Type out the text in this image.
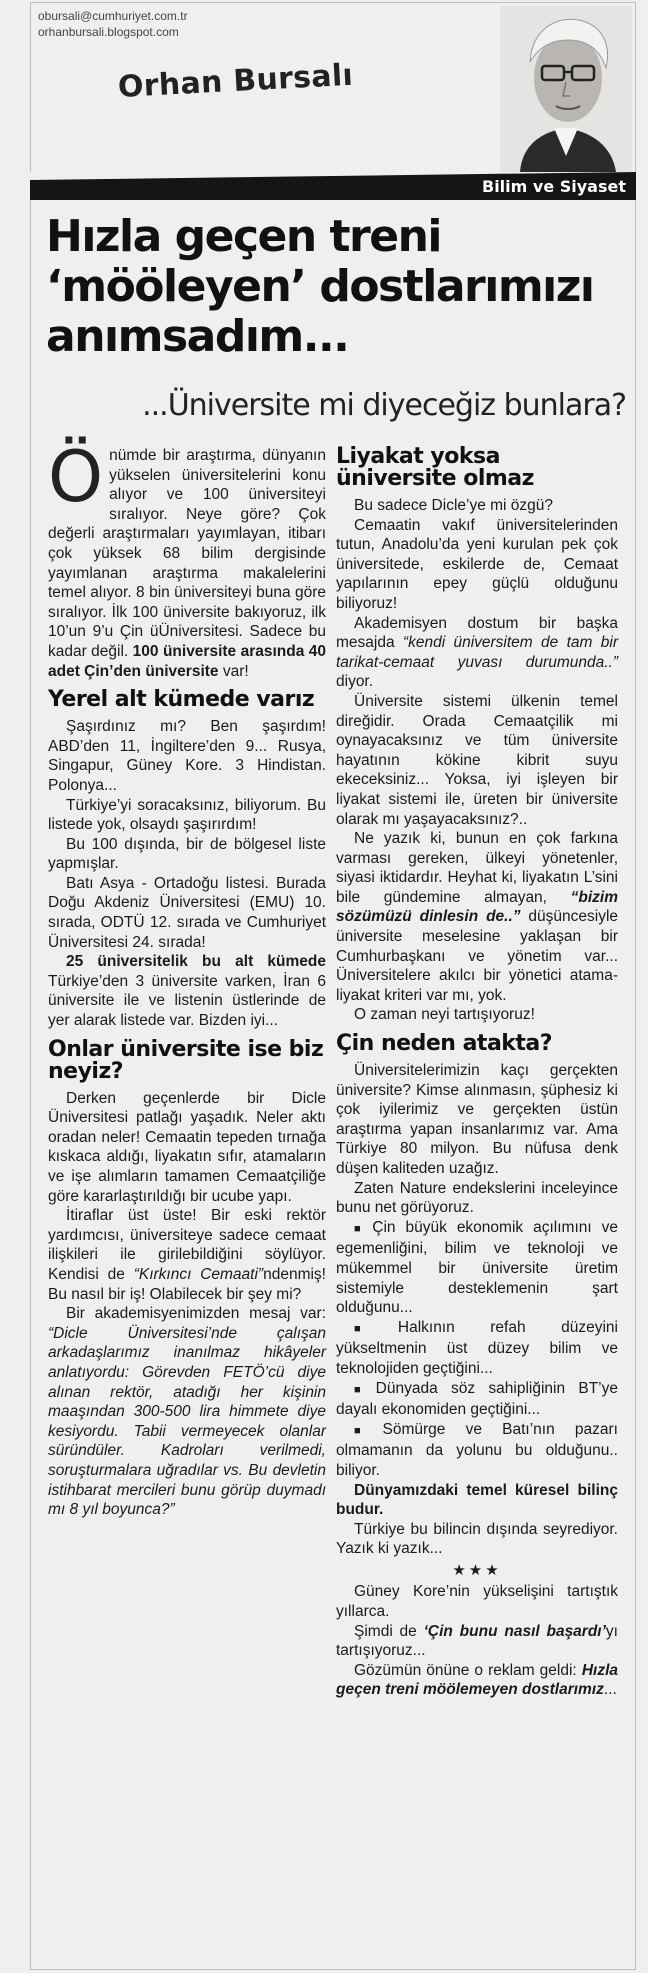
obursali@cumhuriyet.com.tr
orhanbursali.blogspot.com
Orhan Bursalı
Bilim ve Siyaset
Hızla geçen treni
‘mööleyen’ dostlarımızı
anımsadım...
...Üniversite mi diyeceğiz bunlara?

Önümde bir araştırma, dünyanın yükselen üniversitelerini konu alıyor ve 100 üniversiteyi sıralıyor. Neye göre? Çok değerli araştırmaları yayımlayan, itibarı çok yüksek 68 bilim dergisinde yayımlanan araştırma makalelerini temel alıyor. 8 bin üniversiteyi buna göre sıralıyor. İlk 100 üniversite bakıyoruz, ilk 10’un 9’u Çin üÜniversitesi. Sadece bu kadar değil. 100 üniversite arasında 40 adet Çin’den üniversite var!

Yerel alt kümede varız

Şaşırdınız mı? Ben şaşırdım! ABD’den 11, İngiltere’den 9... Rusya, Singapur, Güney Kore. 3 Hindistan. Polonya...

Türkiye’yi soracaksınız, biliyorum. Bu listede yok, olsaydı şaşırırdım!

Bu 100 dışında, bir de bölgesel liste yapmışlar.

Batı Asya - Ortadoğu listesi. Burada Doğu Akdeniz Üniversitesi (EMU) 10. sırada, ODTÜ 12. sırada ve Cumhuriyet Üniversitesi 24. sırada!

25 üniversitelik bu alt kümede Türkiye’den 3 üniversite varken, İran 6 üniversite ile ve listenin üstlerinde de yer alarak listede var. Bizden iyi...

Onlar üniversite ise biz neyiz?

Derken geçenlerde bir Dicle Üniversitesi patlağı yaşadık. Neler aktı oradan neler! Cemaatin tepeden tırnağa kıskaca aldığı, liyakatın sıfır, atamaların ve işe alımların tamamen Cemaatçiliğe göre kararlaştırıldığı bir ucube yapı.

İtiraflar üst üste! Bir eski rektör yardımcısı, üniversiteye sadece cemaat ilişkileri ile girilebildiğini söylüyor. Kendisi de “Kırkıncı Cemaati”ndenmiş! Bu nasıl bir iş! Olabilecek bir şey mi?

Bir akademisyenimizden mesaj var: “Dicle Üniversitesi’nde çalışan arkadaşlarımız inanılmaz hikâyeler anlatıyordu: Görevden FETÖ’cü diye alınan rektör, atadığı her kişinin maaşından 300-500 lira himmete diye kesiyordu. Tabii vermeyecek olanlar süründüler. Kadroları verilmedi, soruşturmalara uğradılar vs. Bu devletin istihbarat mercileri bunu görüp duymadı mı 8 yıl boyunca?”

Liyakat yoksa üniversite olmaz

Bu sadece Dicle’ye mi özgü?

Cemaatin vakıf üniversitelerinden tutun, Anadolu’da yeni kurulan pek çok üniversitede, eskilerde de, Cemaat yapılarının epey güçlü olduğunu biliyoruz!

Akademisyen dostum bir başka mesajda “kendi üniversitem de tam bir tarikat-cemaat yuvası durumunda..” diyor.

Üniversite sistemi ülkenin temel direğidir. Orada Cemaatçilik mi oynayacaksınız ve tüm üniversite hayatının kökine kibrit suyu ekeceksiniz... Yoksa, iyi işleyen bir liyakat sistemi ile, üreten bir üniversite olarak mı yaşayacaksınız?..

Ne yazık ki, bunun en çok farkına varması gereken, ülkeyi yönetenler, siyasi iktidardır. Heyhat ki, liyakatın L’sini bile gündemine almayan, “bizim sözümüzü dinlesin de..” düşüncesiyle üniversite meselesine yaklaşan bir Cumhurbaşkanı ve yönetim var... Üniversitelere akılcı bir yönetici atama-liyakat kriteri var mı, yok.

O zaman neyi tartışıyoruz!

Çin neden atakta?

Üniversitelerimizin kaçı gerçekten üniversite? Kimse alınmasın, şüphesiz ki çok iyilerimiz ve gerçekten üstün araştırma yapan insanlarımız var. Ama Türkiye 80 milyon. Bu nüfusa denk düşen kaliteden uzağız.

Zaten Nature endekslerini inceleyince bunu net görüyoruz.

■ Çin büyük ekonomik açılımını ve egemenliğini, bilim ve teknoloji ve mükemmel bir üniversite üretim sistemiyle desteklemenin şart olduğunu...

■ Halkının refah düzeyini yükseltmenin üst düzey bilim ve teknolojiden geçtiğini...

■ Dünyada söz sahipliğinin BT’ye dayalı ekonomiden geçtiğini...

■ Sömürge ve Batı’nın pazarı olmamanın da yolunu bu olduğunu.. biliyor.

Dünyamızdaki temel küresel bilinç budur.

Türkiye bu bilincin dışında seyrediyor. Yazık ki yazık...

★★★

Güney Kore’nin yükselişini tartıştık yıllarca.

Şimdi de ‘Çin bunu nasıl başardı’yı tartışıyoruz...

Gözümün önüne o reklam geldi: Hızla geçen treni möölemeyen dostlarımız...
